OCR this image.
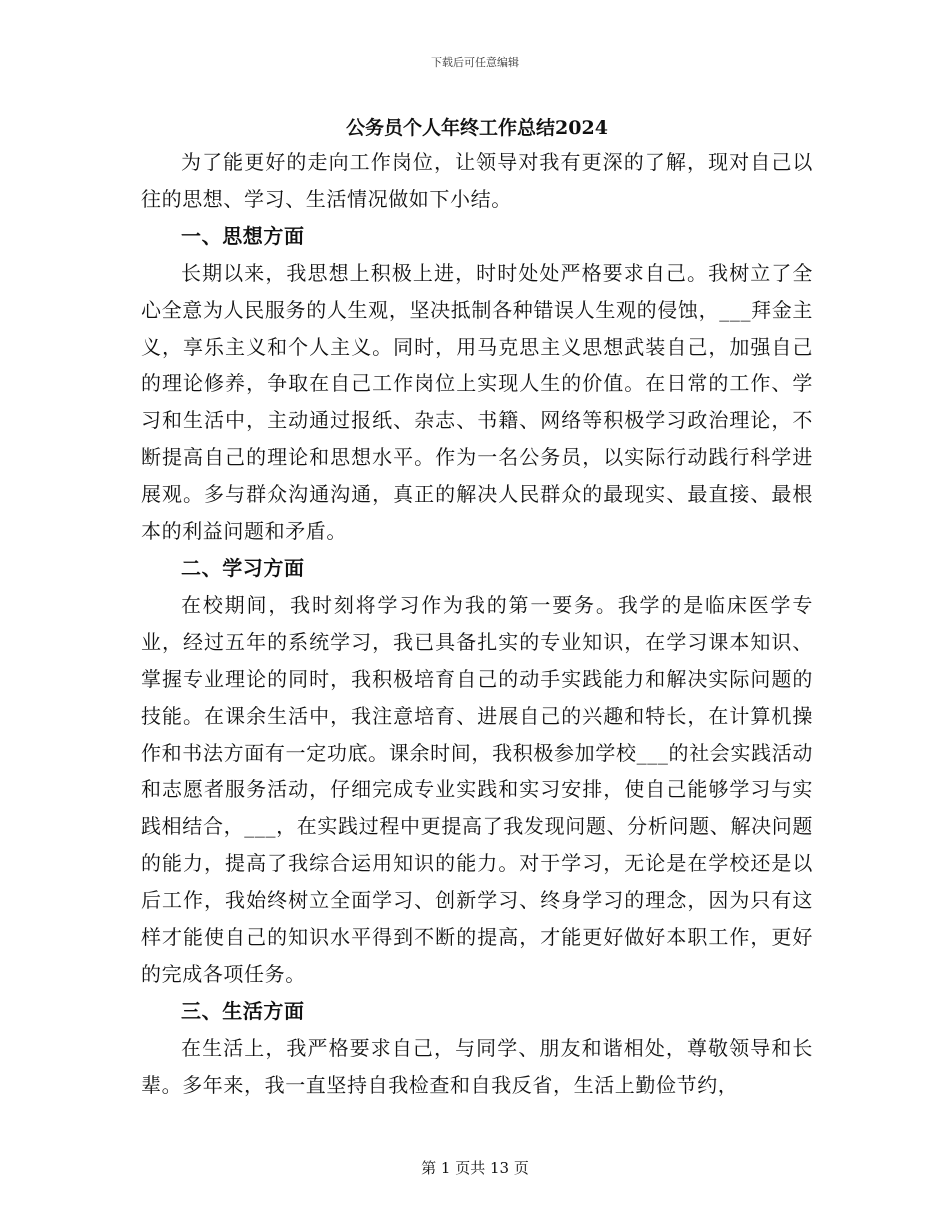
下载后可任意编辑
公务员个人年终工作总结2024

为了能更好的走向工作岗位，让领导对我有更深的了解，现对自己以往的思想、学习、生活情况做如下小结。

一、思想方面

长期以来，我思想上积极上进，时时处处严格要求自己。我树立了全心全意为人民服务的人生观，坚决抵制各种错误人生观的侵蚀，___拜金主义，享乐主义和个人主义。同时，用马克思主义思想武装自己，加强自己的理论修养，争取在自己工作岗位上实现人生的价值。在日常的工作、学习和生活中，主动通过报纸、杂志、书籍、网络等积极学习政治理论，不断提高自己的理论和思想水平。作为一名公务员，以实际行动践行科学进展观。多与群众沟通沟通，真正的解决人民群众的最现实、最直接、最根本的利益问题和矛盾。

二、学习方面

在校期间，我时刻将学习作为我的第一要务。我学的是临床医学专业，经过五年的系统学习，我已具备扎实的专业知识，在学习课本知识、掌握专业理论的同时，我积极培育自己的动手实践能力和解决实际问题的技能。在课余生活中，我注意培育、进展自己的兴趣和特长，在计算机操作和书法方面有一定功底。课余时间，我积极参加学校___的社会实践活动和志愿者服务活动，仔细完成专业实践和实习安排，使自己能够学习与实践相结合，___，在实践过程中更提高了我发现问题、分析问题、解决问题的能力，提高了我综合运用知识的能力。对于学习，无论是在学校还是以后工作，我始终树立全面学习、创新学习、终身学习的理念，因为只有这样才能使自己的知识水平得到不断的提高，才能更好做好本职工作，更好的完成各项任务。

三、生活方面

在生活上，我严格要求自己，与同学、朋友和谐相处，尊敬领导和长辈。多年来，我一直坚持自我检查和自我反省，生活上勤俭节约，

第 1 页共 13 页
